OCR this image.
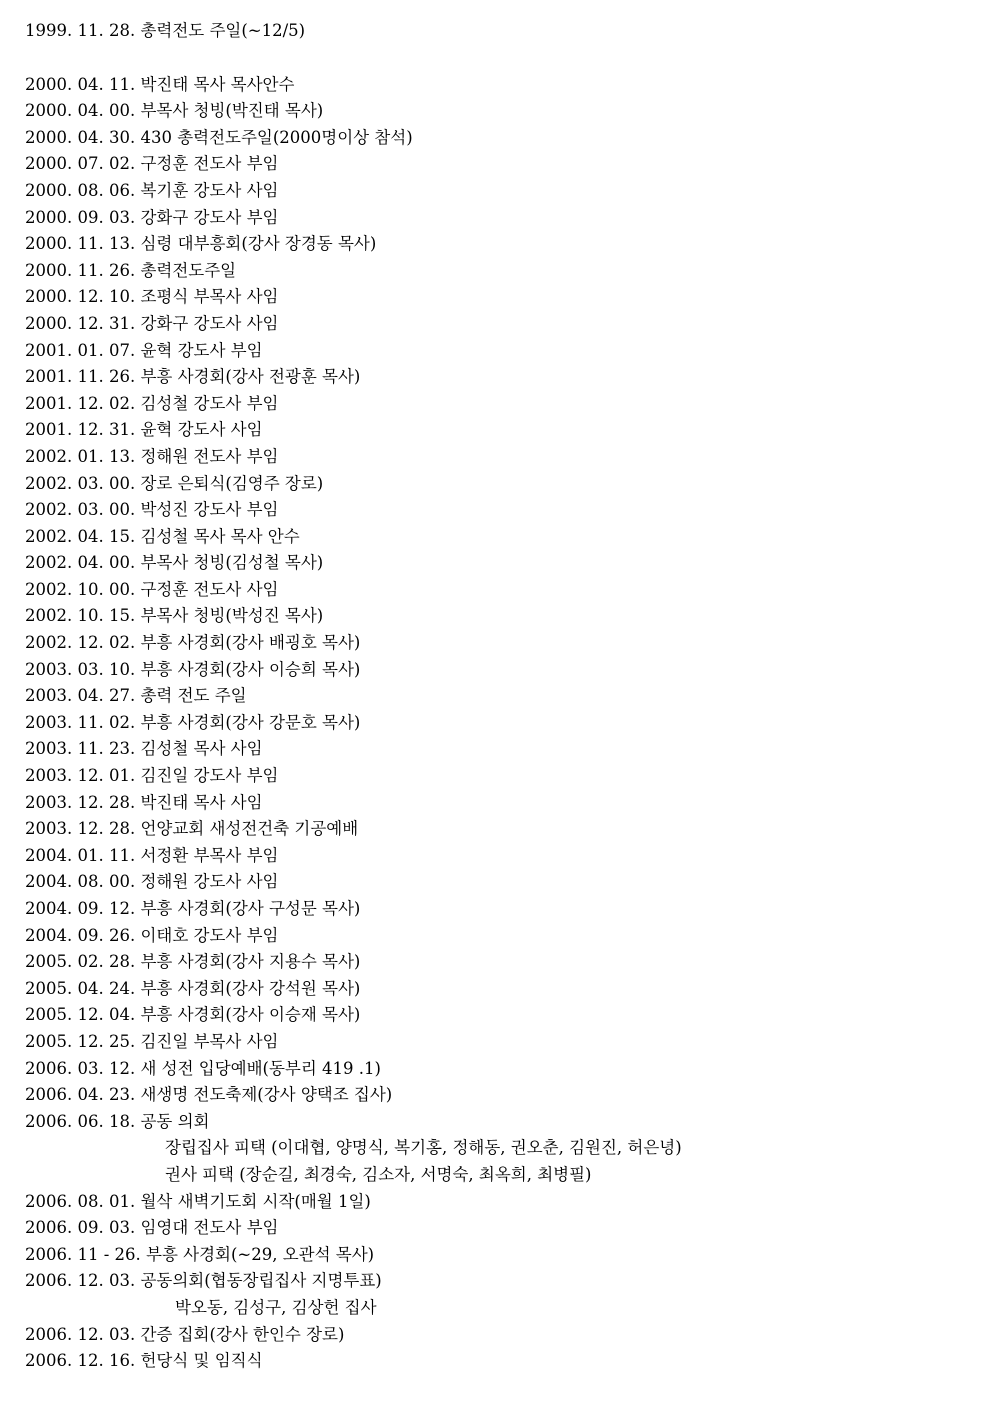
1999. 11. 28. 총력전도 주일(~12/5)
2000. 04. 11. 박진태 목사 목사안수
2000. 04. 00. 부목사 청빙(박진태 목사)
2000. 04. 30. 430 총력전도주일(2000명이상 참석)
2000. 07. 02. 구정훈 전도사 부임
2000. 08. 06. 복기훈 강도사 사임
2000. 09. 03. 강화구 강도사 부임
2000. 11. 13. 심령 대부흥회(강사 장경동 목사)
2000. 11. 26. 총력전도주일
2000. 12. 10. 조평식 부목사 사임
2000. 12. 31. 강화구 강도사 사임
2001. 01. 07. 윤혁 강도사 부임
2001. 11. 26. 부흥 사경회(강사 전광훈 목사)
2001. 12. 02. 김성철 강도사 부임
2001. 12. 31. 윤혁 강도사 사임
2002. 01. 13. 정해원 전도사 부임
2002. 03. 00. 장로 은퇴식(김영주 장로)
2002. 03. 00. 박성진 강도사 부임
2002. 04. 15. 김성철 목사 목사 안수
2002. 04. 00. 부목사 청빙(김성철 목사)
2002. 10. 00. 구정훈 전도사 사임
2002. 10. 15. 부목사 청빙(박성진 목사)
2002. 12. 02. 부흥 사경회(강사 배굉호 목사)
2003. 03. 10. 부흥 사경회(강사 이승희 목사)
2003. 04. 27. 총력 전도 주일
2003. 11. 02. 부흥 사경회(강사 강문호 목사)
2003. 11. 23. 김성철 목사 사임
2003. 12. 01. 김진일 강도사 부임
2003. 12. 28. 박진태 목사 사임
2003. 12. 28. 언양교회 새성전건축 기공예배
2004. 01. 11. 서정환 부목사 부임
2004. 08. 00. 정해원 강도사 사임
2004. 09. 12. 부흥 사경회(강사 구성문 목사)
2004. 09. 26. 이태호 강도사 부임
2005. 02. 28. 부흥 사경회(강사 지용수 목사)
2005. 04. 24. 부흥 사경회(강사 강석원 목사)
2005. 12. 04. 부흥 사경회(강사 이승재 목사)
2005. 12. 25. 김진일 부목사 사임
2006. 03. 12. 새 성전 입당예배(동부리 419 .1)
2006. 04. 23. 새생명 전도축제(강사 양택조 집사)
2006. 06. 18. 공동 의회
장립집사 피택 (이대협, 양명식, 복기홍, 정해동, 권오춘, 김원진, 허은녕)
권사 피택 (장순길, 최경숙, 김소자, 서명숙, 최옥희, 최병필)
2006. 08. 01. 월삭 새벽기도회 시작(매월 1일)
2006. 09. 03. 임영대 전도사 부임
2006. 11 - 26. 부흥 사경회(~29, 오관석 목사)
2006. 12. 03. 공동의회(협동장립집사 지명투표)
박오동, 김성구, 김상헌 집사
2006. 12. 03. 간증 집회(강사 한인수 장로)
2006. 12. 16. 헌당식 및 임직식
